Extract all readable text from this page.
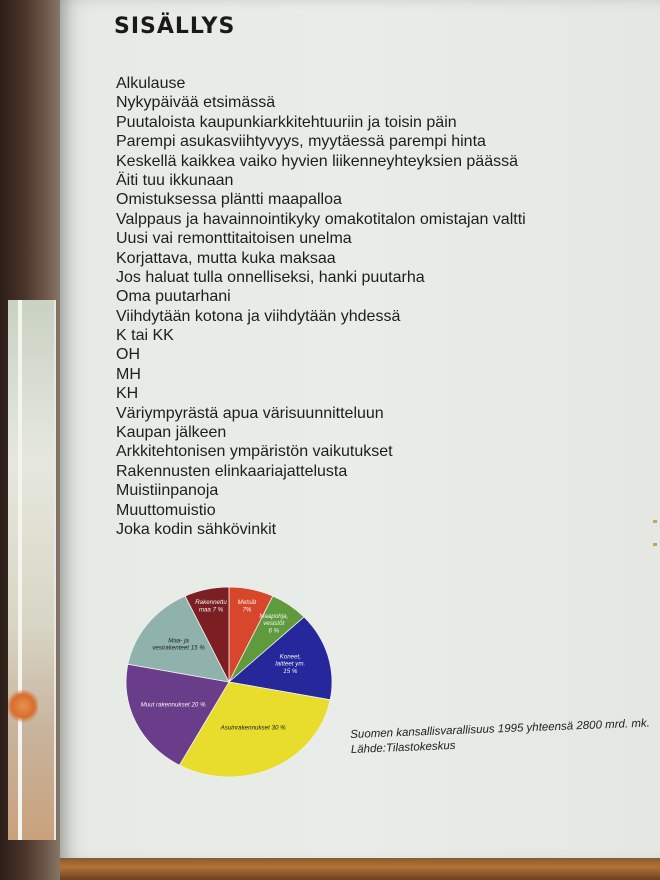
SISÄLLYS
Alkulause
Nykypäivää etsimässä
Puutaloista kaupunkiarkkitehtuuriin ja toisin päin
Parempi asukasviihtyvyys, myytäessä parempi hinta
Keskellä kaikkea vaiko hyvien liikenneyhteyksien päässä
Äiti tuu ikkunaan
Omistuksessa pläntti maapalloa
Valppaus ja havainnointikyky omakotitalon omistajan valtti
Uusi vai remonttitaitoisen unelma
Korjattava, mutta kuka maksaa
Jos haluat tulla onnelliseksi, hanki puutarha
Oma puutarhani
Viihdytään kotona ja viihdytään yhdessä
K tai KK
OH
MH
KH
Väriympyrästä apua värisuunnitteluun
Kaupan jälkeen
Arkkitehtonisen ympäristön vaikutukset
Rakennusten elinkaariajattelusta
Muistiinpanoja
Muuttomuistio
Joka kodin sähkövinkit
Metsät 7%
Maapohja, vesistöt 6 %
Koneet, laitteet ym. 15 %
Asuinrakennukset 30 %
Muut rakennukset 20 %
Maa- ja vesirakenteet 15 %
Rakennettu maa 7 %
Suomen kansallisvarallisuus 1995 yhteensä 2800 mrd. mk.
Lähde:Tilastokeskus
